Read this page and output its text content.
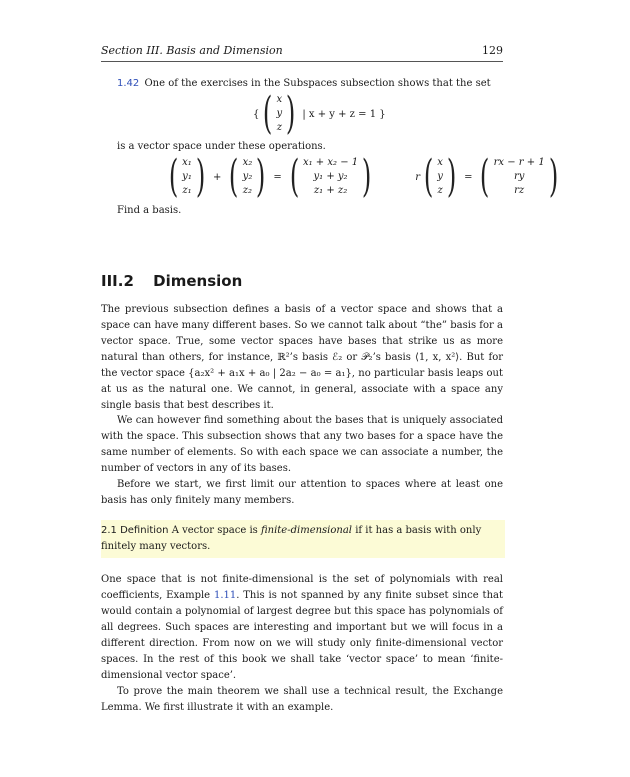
Section III. Basis and Dimension	129
1.42 One of the exercises in the Subspaces subsection shows that the set
{ ( x
y
z ) | x + y + z = 1 }
is a vector space under these operations.
( x₁
y₁
z₁ ) + ( x₂
y₂
z₂ ) = ( x₁ + x₂ − 1
y₁ + y₂
z₁ + z₂ )	r ( x
y
z ) = ( rx − r + 1
ry
rz )
Find a basis.
III.2 Dimension
The previous subsection defines a basis of a vector space and shows that a space can have many different bases. So we cannot talk about “the” basis for a vector space. True, some vector spaces have bases that strike us as more natural than others, for instance, ℝ²’s basis ℰ₂ or 𝒫₂’s basis ⟨1, x, x²⟩. But for the vector space {a₂x² + a₁x + a₀ | 2a₂ − a₀ = a₁}, no particular basis leaps out at us as the natural one. We cannot, in general, associate with a space any single basis that best describes it.
We can however find something about the bases that is uniquely associated with the space. This subsection shows that any two bases for a space have the same number of elements. So with each space we can associate a number, the number of vectors in any of its bases.
Before we start, we first limit our attention to spaces where at least one basis has only finitely many members.
2.1 Definition A vector space is finite-dimensional if it has a basis with only finitely many vectors.
One space that is not finite-dimensional is the set of polynomials with real coefficients, Example 1.11. This is not spanned by any finite subset since that would contain a polynomial of largest degree but this space has polynomials of all degrees. Such spaces are interesting and important but we will focus in a different direction. From now on we will study only finite-dimensional vector spaces. In the rest of this book we shall take ‘vector space’ to mean ‘finite-dimensional vector space’.
To prove the main theorem we shall use a technical result, the Exchange Lemma. We first illustrate it with an example.
